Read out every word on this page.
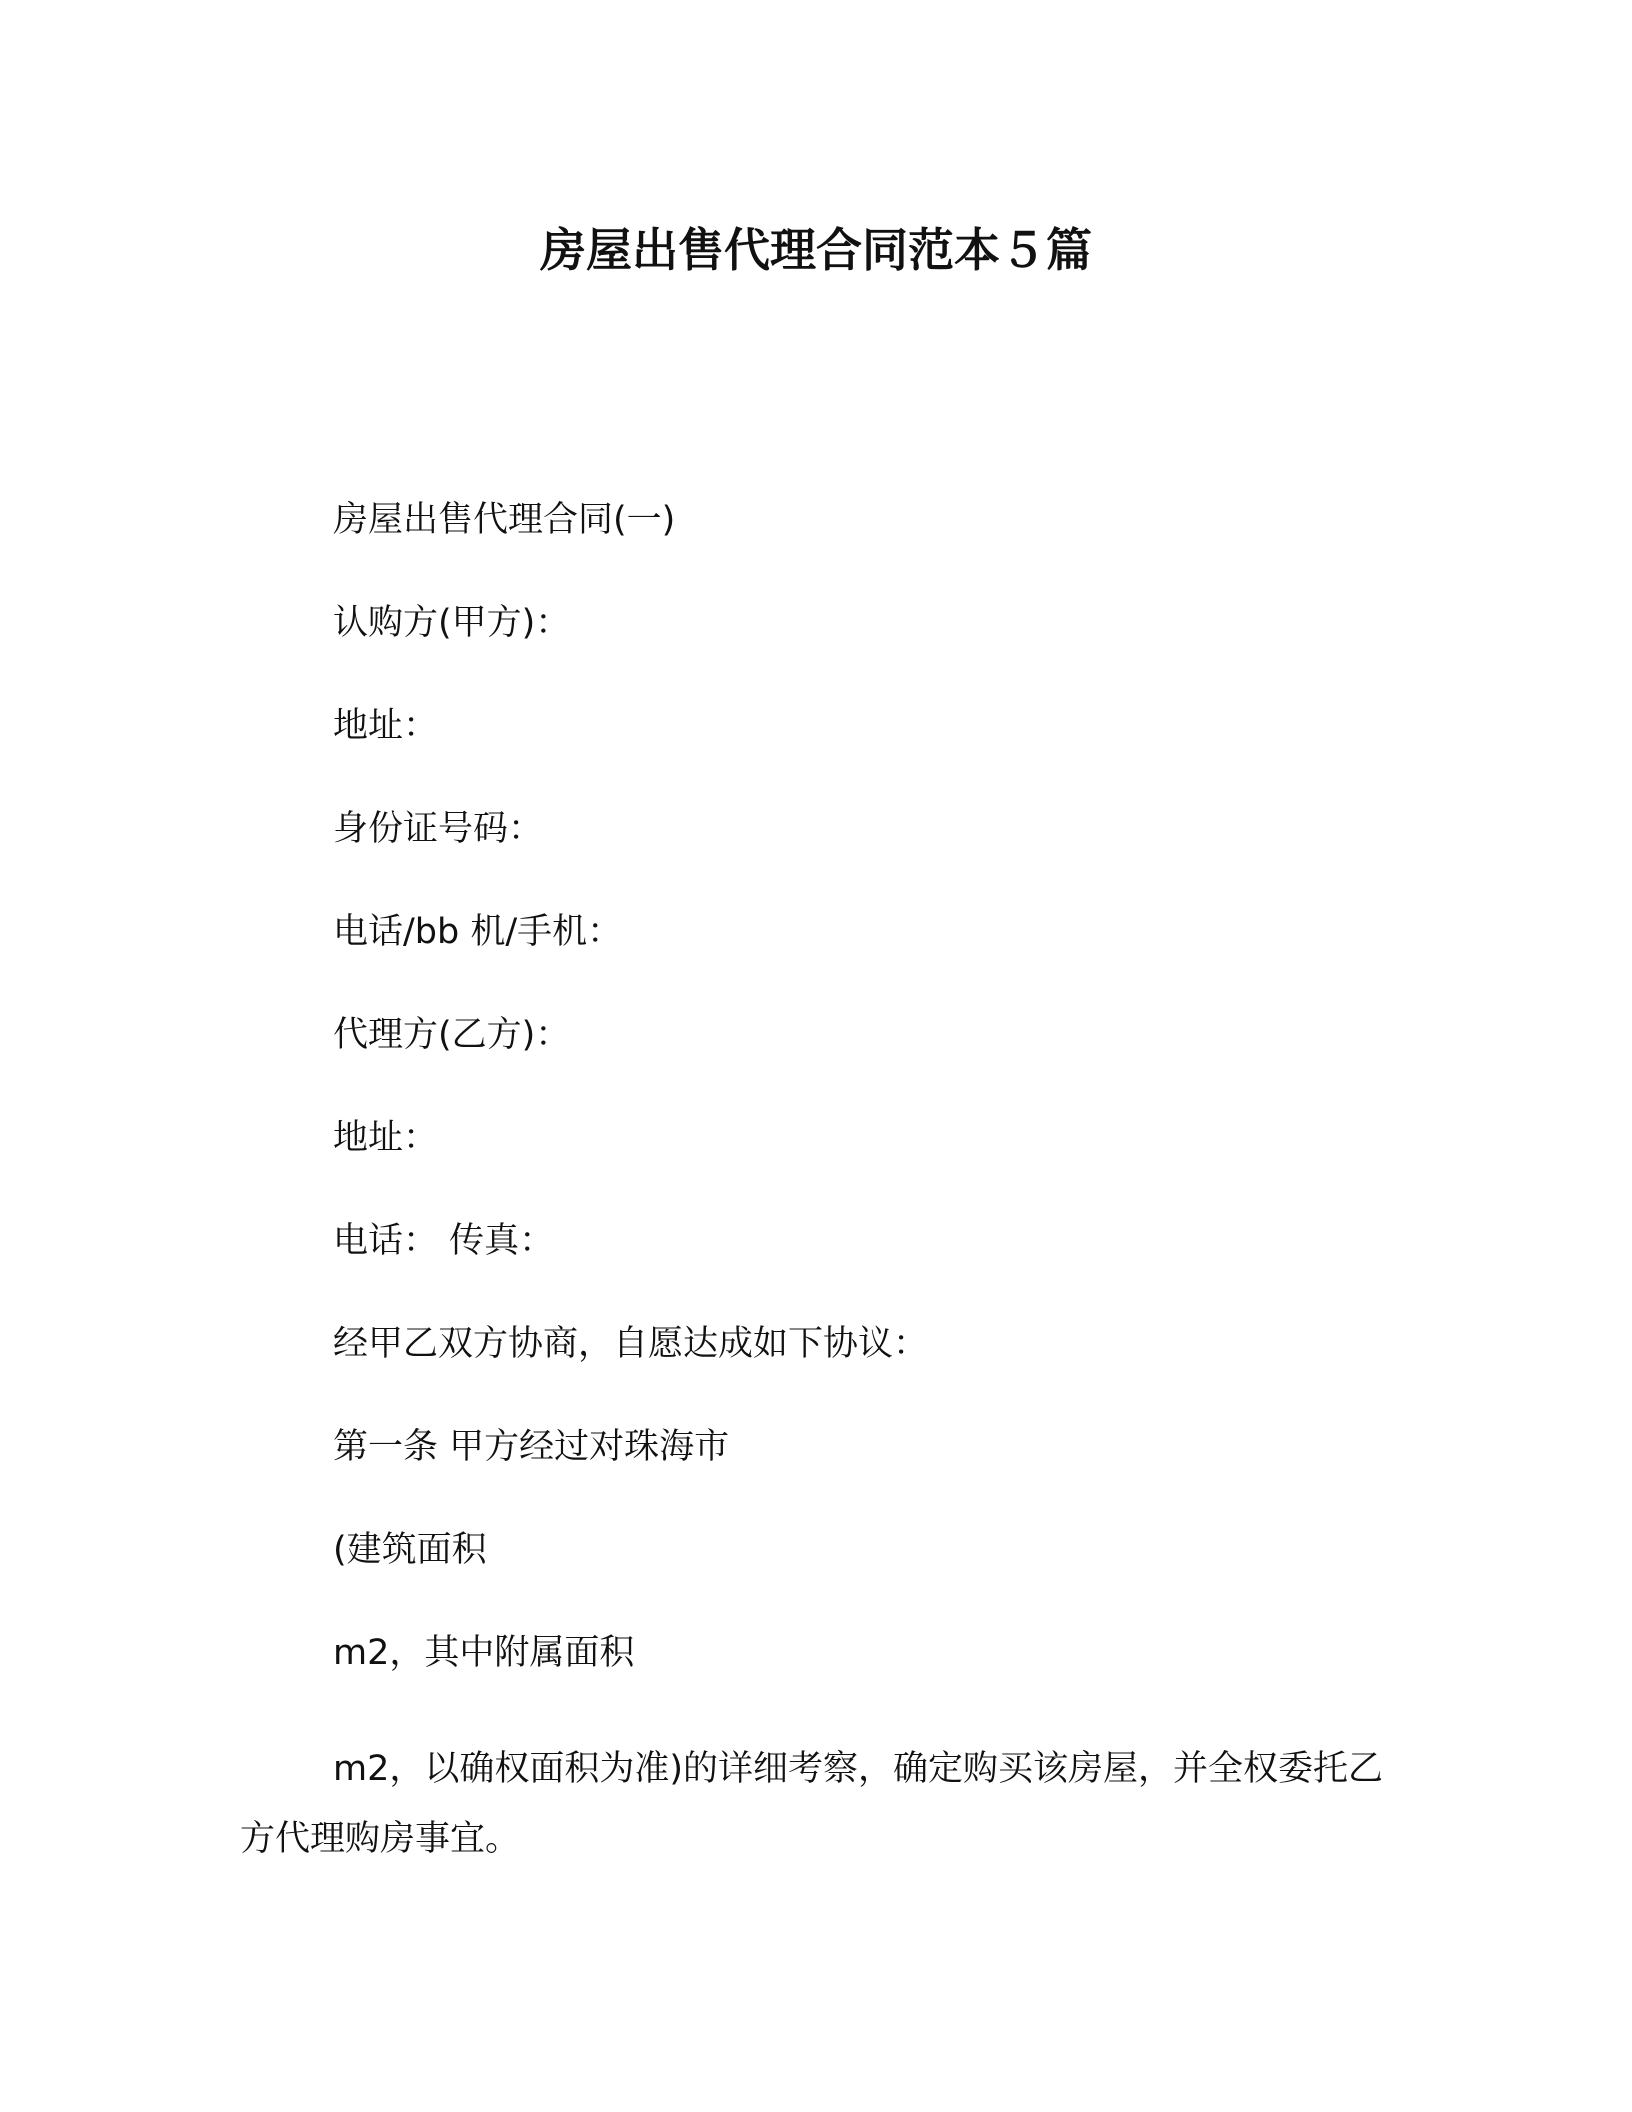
房屋出售代理合同范本５篇
房屋出售代理合同(一)
认购方(甲方)：
地址：
身份证号码：
电话/bb 机/手机：
代理方(乙方)：
地址：
电话： 传真：
经甲乙双方协商，自愿达成如下协议：
第一条 甲方经过对珠海市
(建筑面积
m2，其中附属面积
m2，以确权面积为准)的详细考察，确定购买该房屋，并全权委托乙方代理购房事宜。
